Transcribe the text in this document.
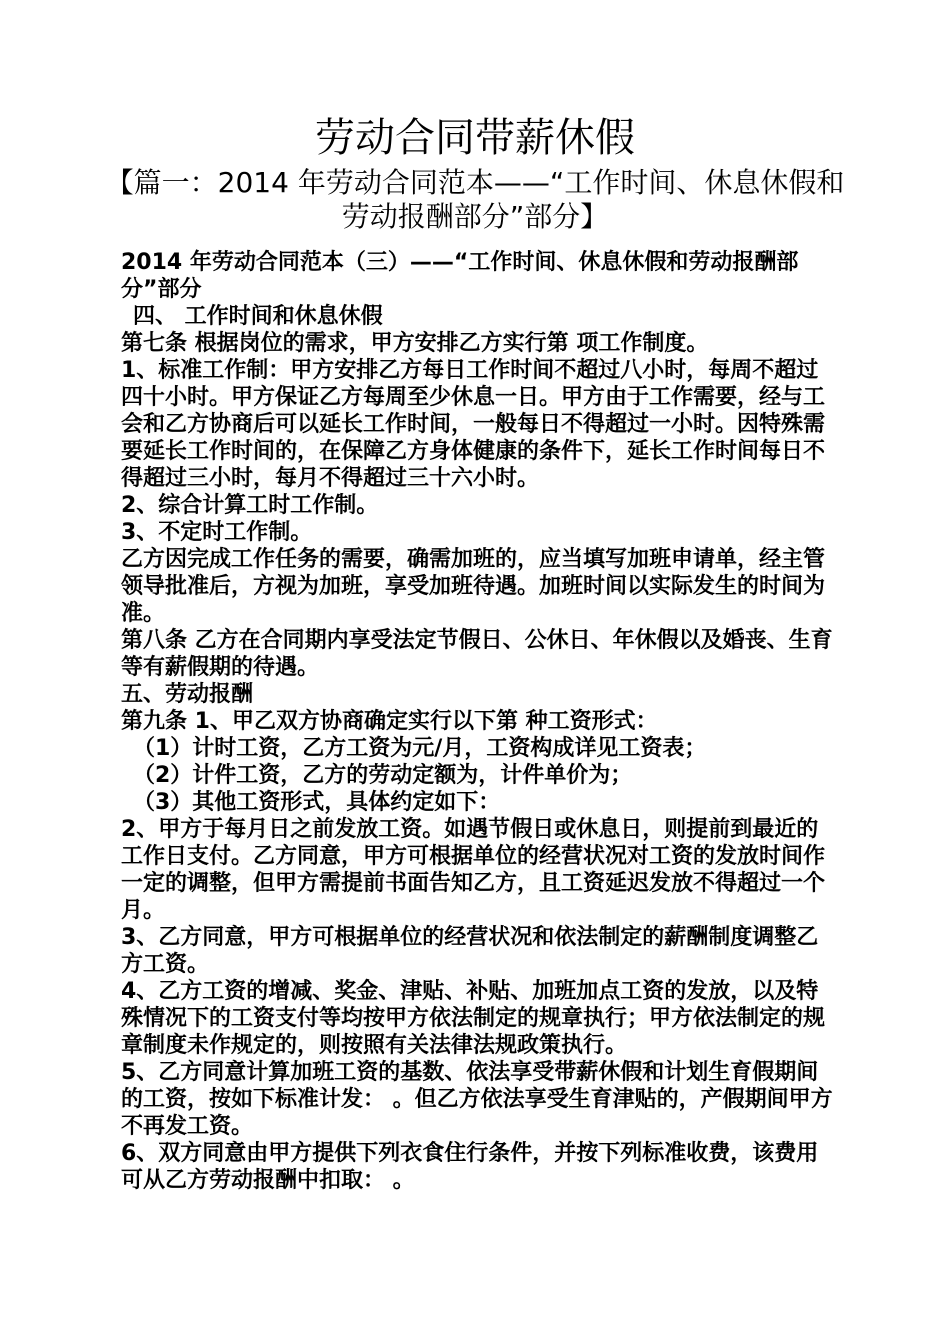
劳动合同带薪休假
【篇一：2014 年劳动合同范本——“工作时间、休息休假和劳动报酬部分”部分】

2014 年劳动合同范本（三）——“工作时间、休息休假和劳动报酬部分”部分

四、 工作时间和休息休假

第七条 根据岗位的需求，甲方安排乙方实行第 项工作制度。

1、标准工作制：甲方安排乙方每日工作时间不超过八小时，每周不超过四十小时。甲方保证乙方每周至少休息一日。甲方由于工作需要，经与工会和乙方协商后可以延长工作时间，一般每日不得超过一小时。因特殊需要延长工作时间的，在保障乙方身体健康的条件下，延长工作时间每日不得超过三小时，每月不得超过三十六小时。

2、综合计算工时工作制。

3、不定时工作制。

乙方因完成工作任务的需要，确需加班的，应当填写加班申请单，经主管领导批准后，方视为加班，享受加班待遇。加班时间以实际发生的时间为准。

第八条 乙方在合同期内享受法定节假日、公休日、年休假以及婚丧、生育等有薪假期的待遇。

五、劳动报酬

第九条 1、甲乙双方协商确定实行以下第 种工资形式：

（1）计时工资，乙方工资为元/月，工资构成详见工资表；

（2）计件工资，乙方的劳动定额为，计件单价为；

（3）其他工资形式，具体约定如下：

2、甲方于每月日之前发放工资。如遇节假日或休息日，则提前到最近的工作日支付。乙方同意，甲方可根据单位的经营状况对工资的发放时间作一定的调整，但甲方需提前书面告知乙方，且工资延迟发放不得超过一个月。

3、乙方同意，甲方可根据单位的经营状况和依法制定的薪酬制度调整乙方工资。

4、乙方工资的增减、奖金、津贴、补贴、加班加点工资的发放，以及特殊情况下的工资支付等均按甲方依法制定的规章执行；甲方依法制定的规章制度未作规定的，则按照有关法律法规政策执行。

5、乙方同意计算加班工资的基数、依法享受带薪休假和计划生育假期间的工资，按如下标准计发： 。但乙方依法享受生育津贴的，产假期间甲方不再发工资。

6、双方同意由甲方提供下列衣食住行条件，并按下列标准收费，该费用可从乙方劳动报酬中扣取： 。
